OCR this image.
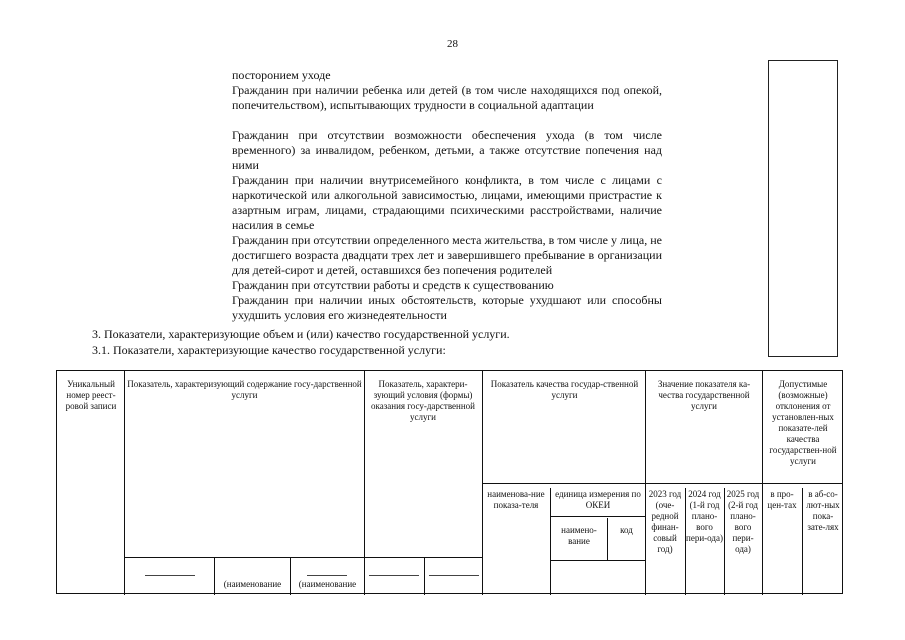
28
посторонием уходе
Гражданин при наличии ребенка или детей (в том числе находящихся под опекой, попечительством), испытывающих трудности в социальной адаптации
Гражданин при отсутствии возможности обеспечения ухода (в том числе временного) за инвалидом, ребенком, детьми, а также отсутствие попечения над ними
Гражданин при наличии внутрисемейного конфликта, в том числе с лицами с наркотической или алкогольной зависимостью, лицами, имеющими пристрастие к азартным играм, лицами, страдающими психическими расстройствами, наличие насилия в семье
Гражданин при отсутствии определенного места жительства, в том числе у лица, не достигшего возраста двадцати трех лет и завершившего пребывание в организации для детей-сирот и детей, оставшихся без попечения родителей
Гражданин при отсутствии работы и средств к существованию
Гражданин при наличии иных обстоятельств, которые ухудшают или способны ухудшить условия его жизнедеятельности
3. Показатели, характеризующие объем и (или) качество государственной услуги.
3.1. Показатели, характеризующие качество государственной услуги:
Уникальный номер реест-ровой записи
Показатель, характеризующий содержание госу-дарственной услуги
Показатель, характери-зующий условия (формы) оказания госу-дарственной услуги
Показатель качества государ-ственной услуги
Значение показателя ка-чества государственной услуги
Допустимые (возможные) отклонения от установлен-ных показате-лей качества государствен-ной услуги
наименова-ние показа-теля
единица измерения по ОКЕИ
наимено-вание
код
2023 год (оче-редной финан-совый год)
2024 год (1-й год плано-вого пери-ода)
2025 год (2-й год плано-вого пери-ода)
в про-цен-тах
в аб-со-лют-ных пока-зате-лях
(наименование	(наименование
